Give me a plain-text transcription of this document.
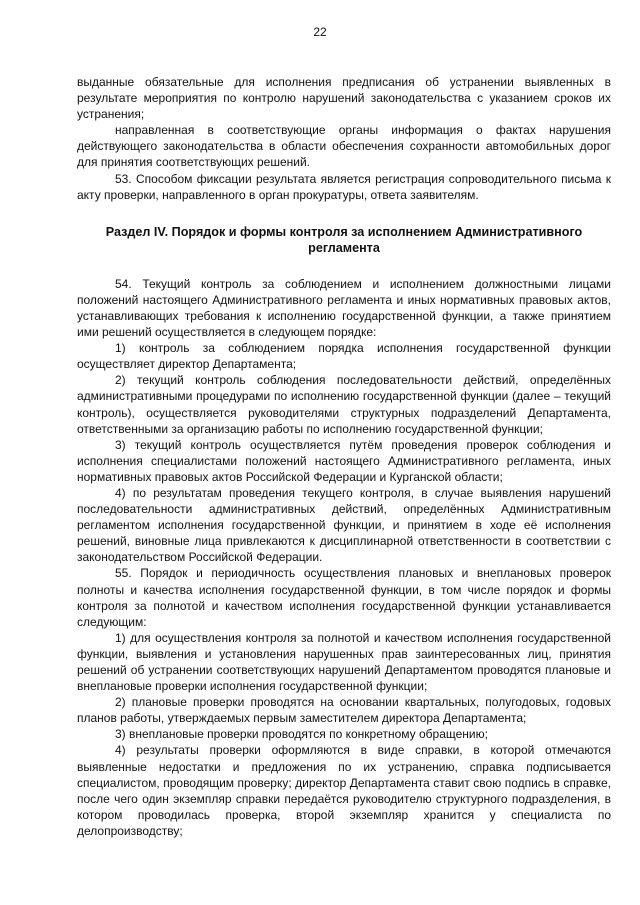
22

выданные обязательные для исполнения предписания об устранении выявленных в результате мероприятия по контролю нарушений законодательства с указанием сроков их устранения;

направленная в соответствующие органы информация о фактах нарушения действующего законодательства в области обеспечения сохранности автомобильных дорог для принятия соответствующих решений.

53. Способом фиксации результата является регистрация сопроводительного письма к акту проверки, направленного в орган прокуратуры, ответа заявителям.

Раздел IV. Порядок и формы контроля за исполнением Административного регламента

54. Текущий контроль за соблюдением и исполнением должностными лицами положений настоящего Административного регламента и иных нормативных правовых актов, устанавливающих требования к исполнению государственной функции, а также принятием ими решений осуществляется в следующем порядке:

1) контроль за соблюдением порядка исполнения государственной функции осуществляет директор Департамента;

2) текущий контроль соблюдения последовательности действий, определённых административными процедурами по исполнению государственной функции (далее – текущий контроль), осуществляется руководителями структурных подразделений Департамента, ответственными за организацию работы по исполнению государственной функции;

3) текущий контроль осуществляется путём проведения проверок соблюдения и исполнения специалистами положений настоящего Административного регламента, иных нормативных правовых актов Российской Федерации и Курганской области;

4) по результатам проведения текущего контроля, в случае выявления нарушений последовательности административных действий, определённых Административным регламентом исполнения государственной функции, и принятием в ходе её исполнения решений, виновные лица привлекаются к дисциплинарной ответственности в соответствии с законодательством Российской Федерации.

55. Порядок и периодичность осуществления плановых и внеплановых проверок полноты и качества исполнения государственной функции, в том числе порядок и формы контроля за полнотой и качеством исполнения государственной функции устанавливается следующим:

1) для осуществления контроля за полнотой и качеством исполнения государственной функции, выявления и установления нарушенных прав заинтересованных лиц, принятия решений об устранении соответствующих нарушений Департаментом проводятся плановые и внеплановые проверки исполнения государственной функции;

2) плановые проверки проводятся на основании квартальных, полугодовых, годовых планов работы, утверждаемых первым заместителем директора Департамента;

3) внеплановые проверки проводятся по конкретному обращению;

4) результаты проверки оформляются в виде справки, в которой отмечаются выявленные недостатки и предложения по их устранению, справка подписывается специалистом, проводящим проверку; директор Департамента ставит свою подпись в справке, после чего один экземпляр справки передаётся руководителю структурного подразделения, в котором проводилась проверка, второй экземпляр хранится у специалиста по делопроизводству;
